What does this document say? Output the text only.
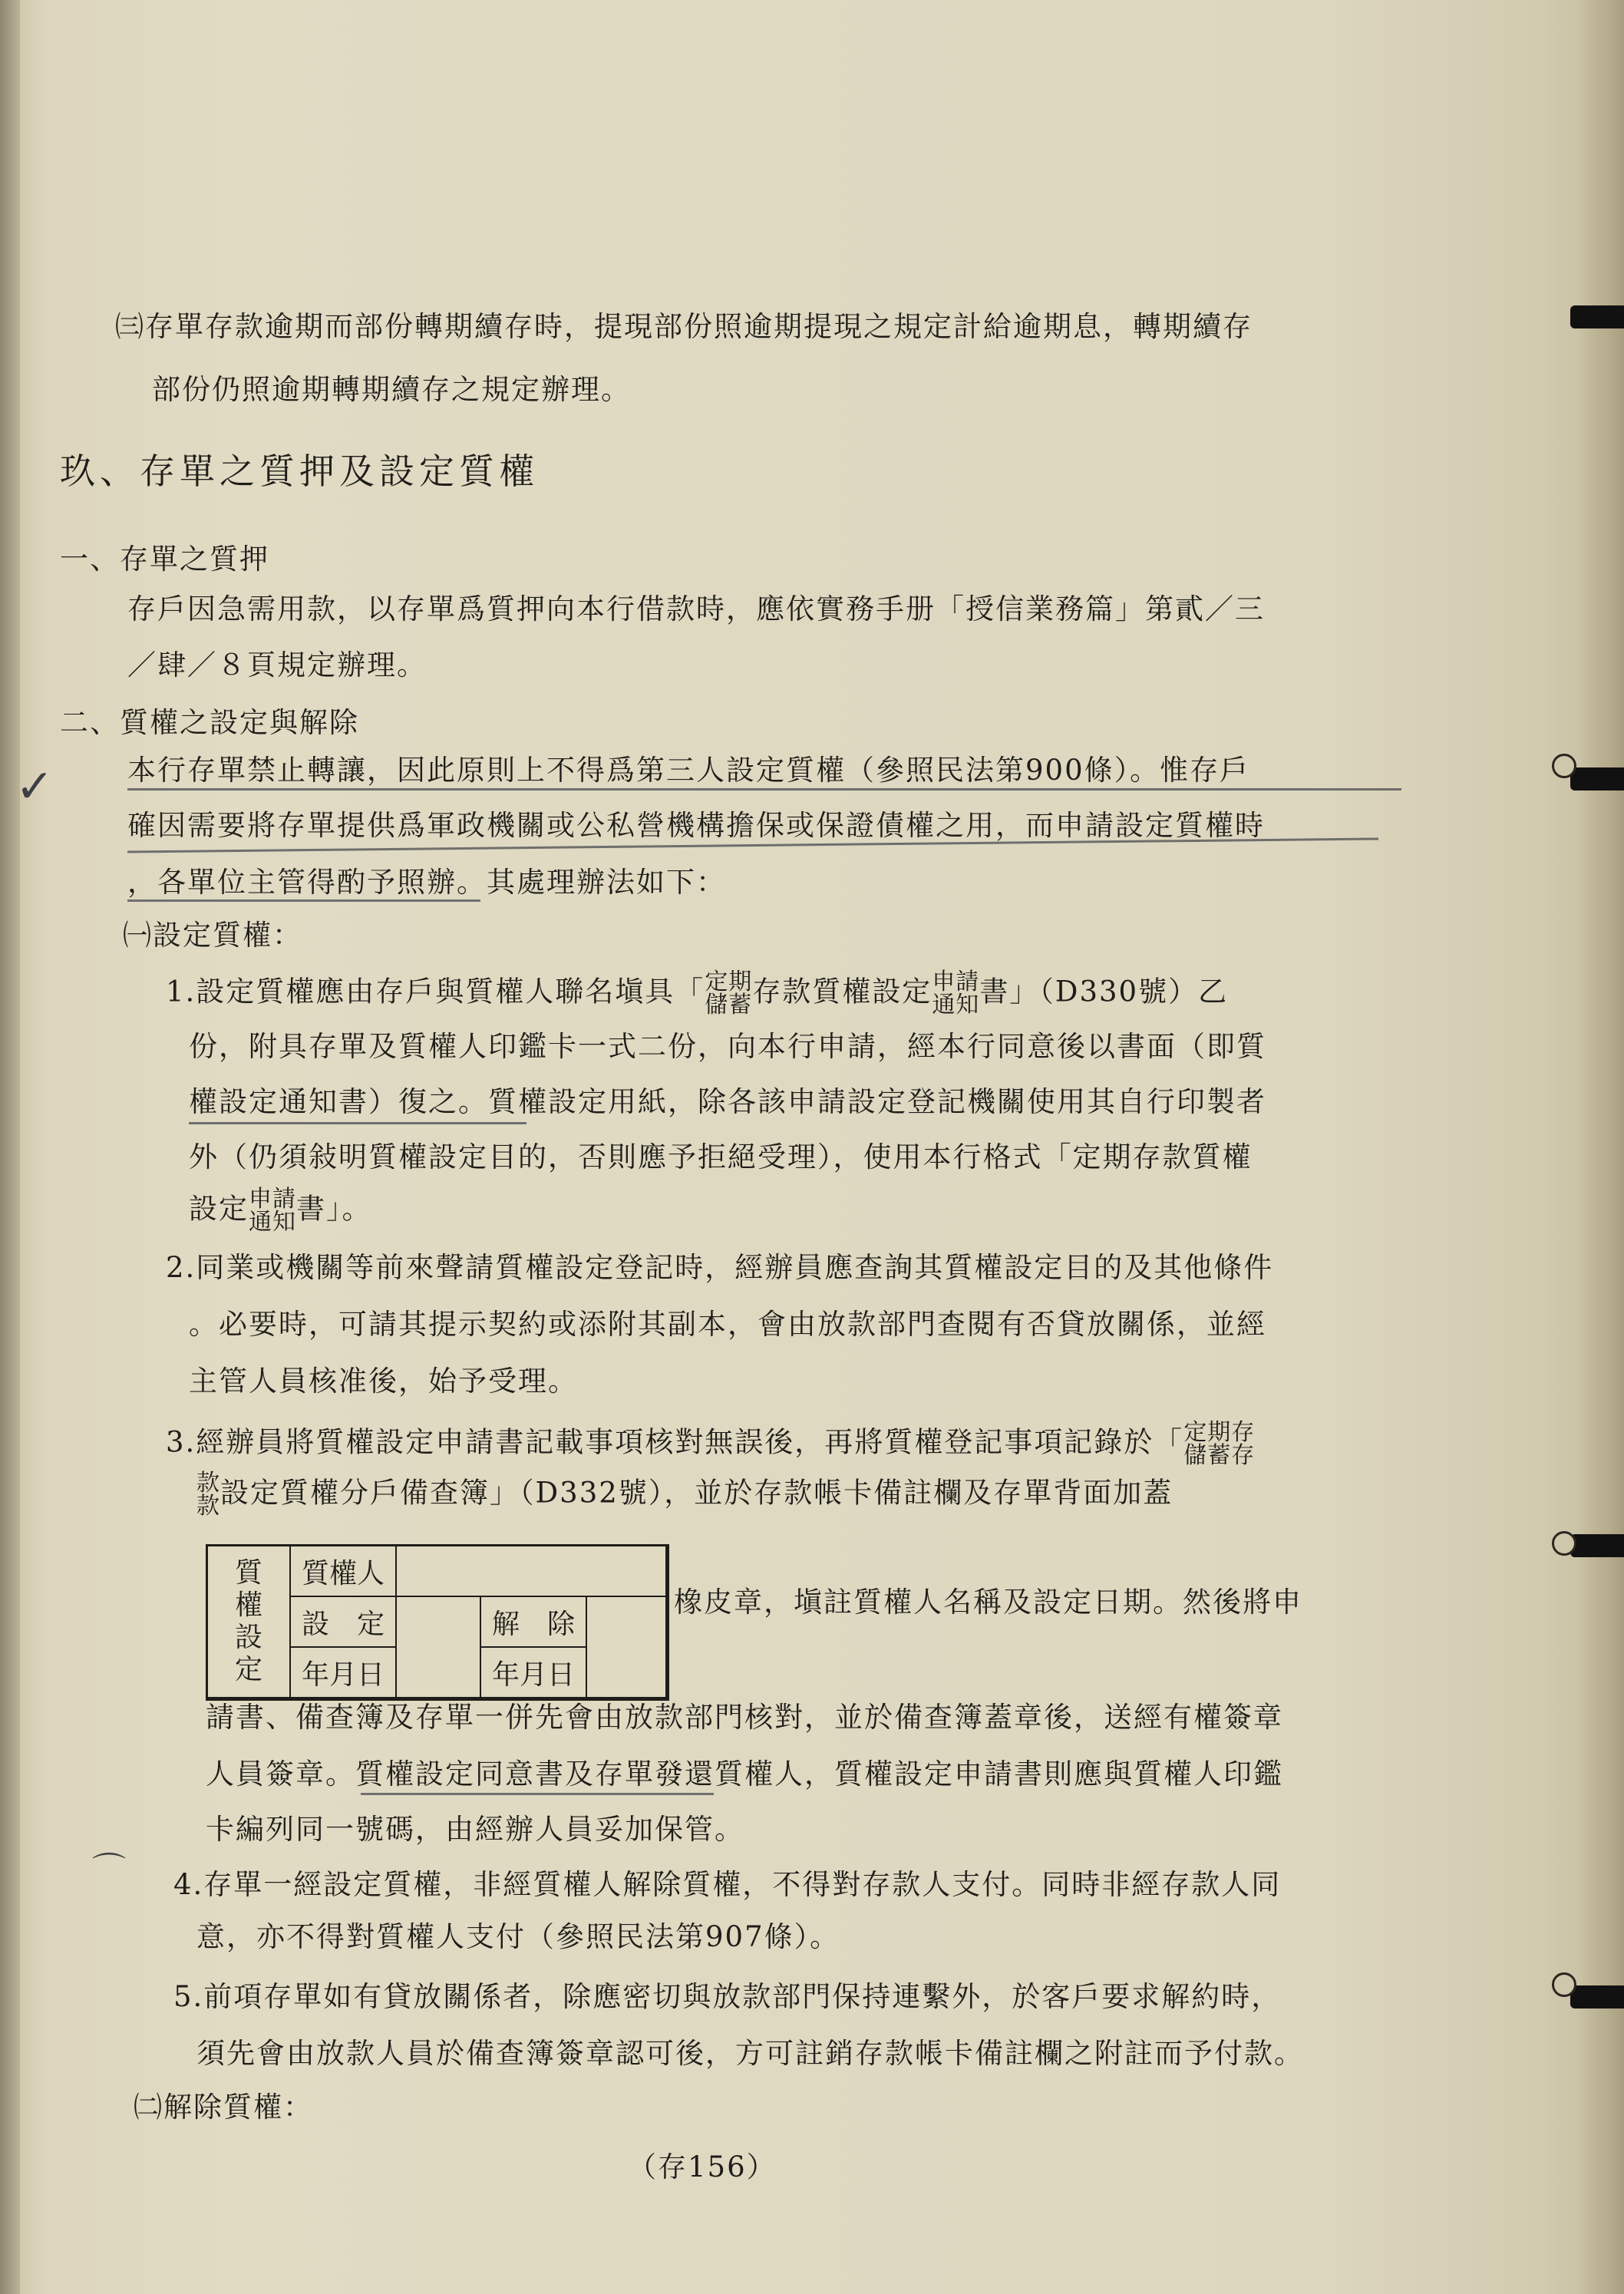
㈢存單存款逾期而部份轉期續存時，提現部份照逾期提現之規定計給逾期息，轉期續存
部份仍照逾期轉期續存之規定辦理。
玖、存單之質押及設定質權
一、存單之質押
存戶因急需用款，以存單爲質押向本行借款時，應依實務手册「授信業務篇」第貳／三
／肆／８頁規定辦理。
二、質權之設定與解除
本行存單禁止轉讓，因此原則上不得爲第三人設定質權（參照民法第900條）。惟存戶
確因需要將存單提供爲軍政機關或公私營機構擔保或保證債權之用，而申請設定質權時
，各單位主管得酌予照辦。其處理辦法如下：
✓
㈠設定質權：
1.設定質權應由存戶與質權人聯名塡具「 定期
儲蓄 存款質權設定 申請
通知 書」（D330號）乙
份，附具存單及質權人印鑑卡一式二份，向本行申請，經本行同意後以書面（即質
權設定通知書）復之。質權設定用紙，除各該申請設定登記機關使用其自行印製者
外（仍須敍明質權設定目的，否則應予拒絕受理），使用本行格式「定期存款質權
設定 申請
通知 書」。
2.同業或機關等前來聲請質權設定登記時，經辦員應查詢其質權設定目的及其他條件
。必要時，可請其提示契約或添附其副本，會由放款部門查閱有否貸放關係，並經
主管人員核准後，始予受理。
3.經辦員將質權設定申請書記載事項核對無誤後，再將質權登記事項記錄於「 定期存
儲蓄存
款
款 設定質權分戶備查簿」（D332號），並於存款帳卡備註欄及存單背面加蓋
質
權
設
定
質權人
設　定	解　除
年月日	年月日
橡皮章，塡註質權人名稱及設定日期。然後將申
請書、備查簿及存單一併先會由放款部門核對，並於備查簿蓋章後，送經有權簽章
人員簽章。質權設定同意書及存單發還質權人，質權設定申請書則應與質權人印鑑
卡編列同一號碼，由經辦人員妥加保管。
⌒ 4.存單一經設定質權，非經質權人解除質權，不得對存款人支付。同時非經存款人同
意，亦不得對質權人支付（參照民法第907條）。
5.前項存單如有貸放關係者，除應密切與放款部門保持連繫外，於客戶要求解約時，
須先會由放款人員於備查簿簽章認可後，方可註銷存款帳卡備註欄之附註而予付款。
㈡解除質權：
（存156）
